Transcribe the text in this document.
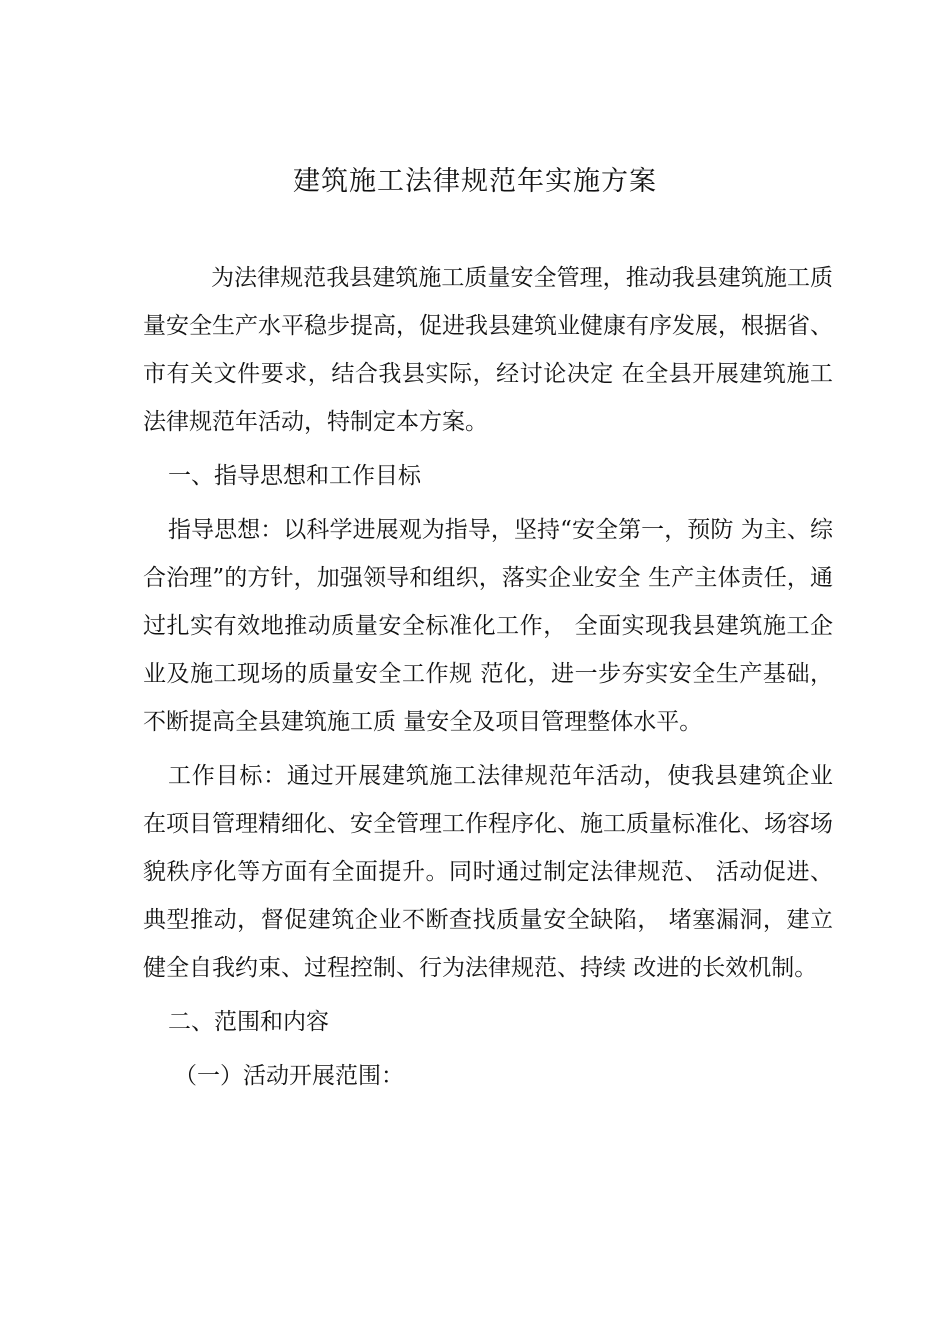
建筑施工法律规范年实施方案

为法律规范我县建筑施工质量安全管理，推动我县建筑施工质量安全生产水平稳步提高，促进我县建筑业健康有序发展，根据省、市有关文件要求，结合我县实际，经讨论决定 在全县开展建筑施工法律规范年活动，特制定本方案。

一、指导思想和工作目标

指导思想：以科学进展观为指导，坚持“安全第一，预防 为主、综合治理”的方针，加强领导和组织，落实企业安全 生产主体责任，通过扎实有效地推动质量安全标准化工作， 全面实现我县建筑施工企业及施工现场的质量安全工作规 范化，进一步夯实安全生产基础，不断提高全县建筑施工质 量安全及项目管理整体水平。

工作目标：通过开展建筑施工法律规范年活动，使我县建筑企业在项目管理精细化、安全管理工作程序化、施工质量标准化、场容场貌秩序化等方面有全面提升。同时通过制定法律规范、 活动促进、典型推动，督促建筑企业不断查找质量安全缺陷， 堵塞漏洞，建立健全自我约束、过程控制、行为法律规范、持续 改进的长效机制。

二、范围和内容

（一）活动开展范围：
